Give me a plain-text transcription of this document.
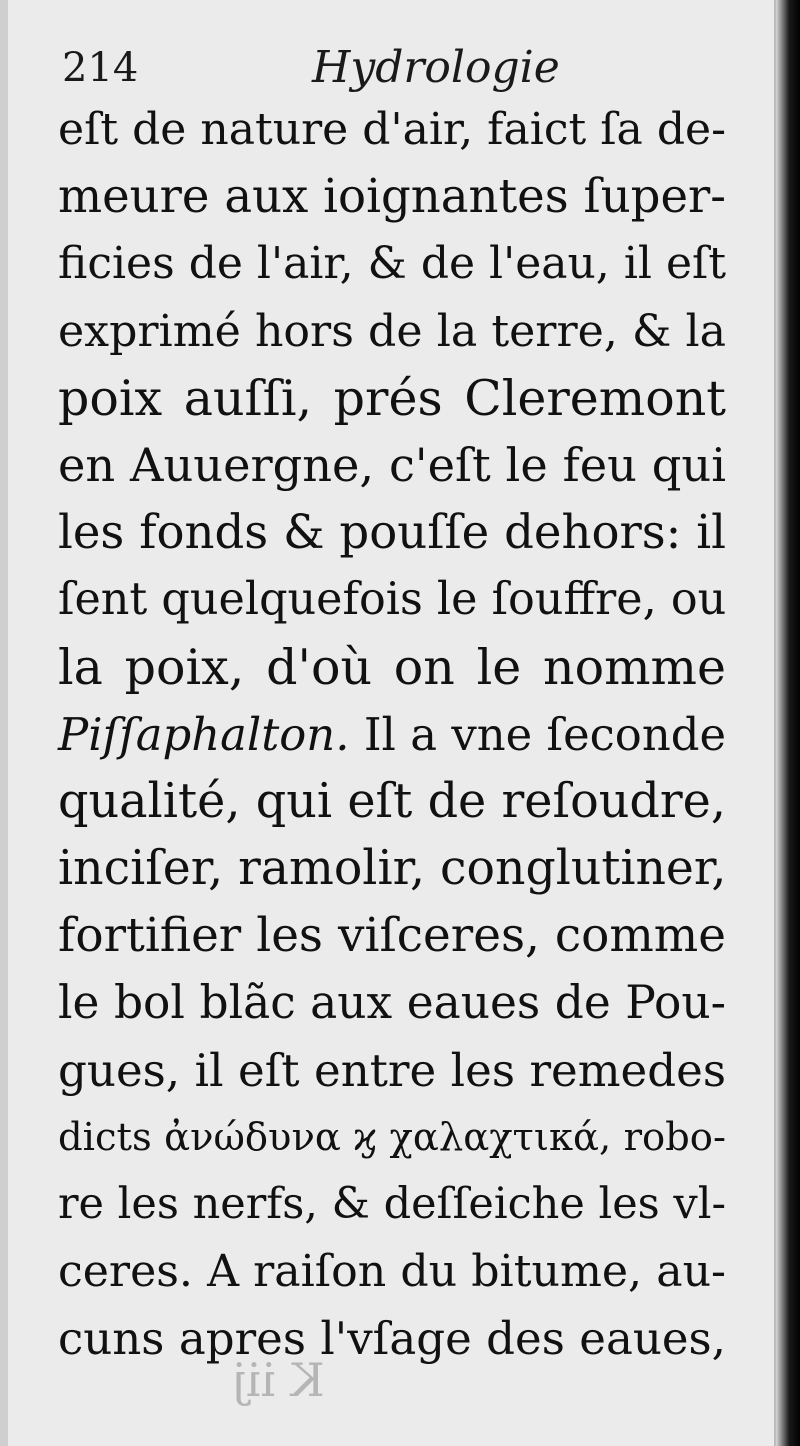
214	Hydrologie
eſt de nature d'air, faict ſa de-
meure aux ioignantes ſuper-
ficies de l'air, & de l'eau, il eſt
exprimé hors de la terre, & la
poix auſſi, prés Cleremont
en Auuergne, c'eſt le feu qui
les fonds & pouſſe dehors: il
ſent quelquefois le ſouffre, ou
la poix, d'où on le nomme
Piſſaphalton. Il a vne ſeconde
qualité, qui eſt de reſoudre,
inciſer, ramolir, conglutiner,
fortifier les viſceres, comme
le bol blãc aux eaues de Pou-
gues, il eſt entre les remedes
dicts ἀνώδυνα ϗ χαλαχτικά, robo-
re les nerfs, & deſſeiche les vl-
ceres. A raiſon du bitume, au-
cuns apres l'vſage des eaues,
K iij
